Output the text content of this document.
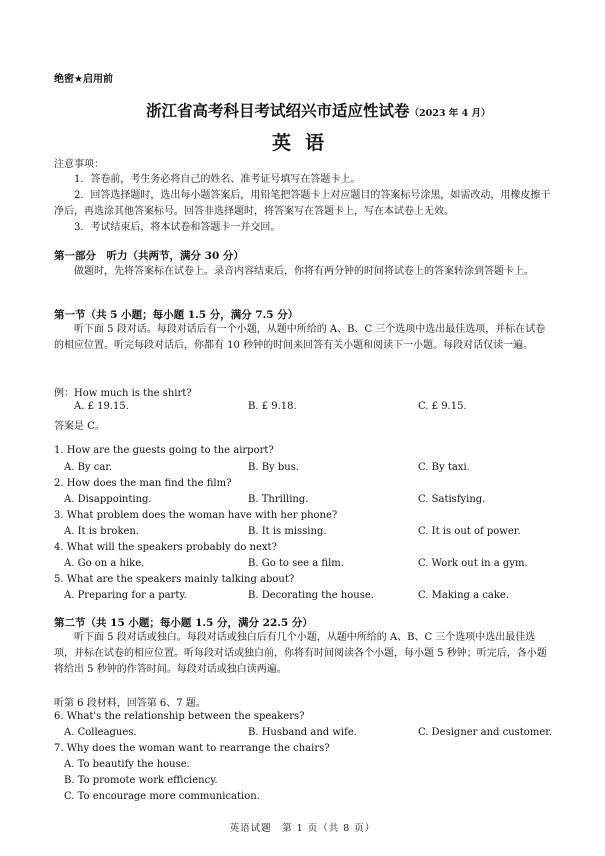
绝密★启用前
浙江省高考科目考试绍兴市适应性试卷（2023 年 4 月）
英语
注意事项：
1．答卷前，考生务必将自己的姓名、准考证号填写在答题卡上。
2．回答选择题时，选出每小题答案后，用铅笔把答题卡上对应题目的答案标号涂黑，如需改动，用橡皮擦干净后，再选涂其他答案标号。回答非选择题时，将答案写在答题卡上，写在本试卷上无效。
3．考试结束后，将本试卷和答题卡一并交回。
第一部分　听力（共两节，满分 30 分）
做题时，先将答案标在试卷上。录音内容结束后，你将有两分钟的时间将试卷上的答案转涂到答题卡上。
第一节（共 5 小题；每小题 1.5 分，满分 7.5 分）
听下面 5 段对话。每段对话后有一个小题，从题中所给的 A、B、C 三个选项中选出最佳选项，并标在试卷的相应位置。听完每段对话后，你都有 10 秒钟的时间来回答有关小题和阅读下一小题。每段对话仅读一遍。
例：How much is the shirt?
A. £ 19.15.	B. £ 9.18.	C. £ 9.15.
答案是 C。
1. How are the guests going to the airport?
A. By car.	B. By bus.	C. By taxi.
2. How does the man find the film?
A. Disappointing.	B. Thrilling.	C. Satisfying.
3. What problem does the woman have with her phone?
A. It is broken.	B. It is missing.	C. It is out of power.
4. What will the speakers probably do next?
A. Go on a hike.	B. Go to see a film.	C. Work out in a gym.
5. What are the speakers mainly talking about?
A. Preparing for a party.	B. Decorating the house.	C. Making a cake.
第二节（共 15 小题；每小题 1.5 分，满分 22.5 分）
听下面 5 段对话或独白。每段对话或独白后有几个小题，从题中所给的 A、B、C 三个选项中选出最佳选项，并标在试卷的相应位置。听每段对话或独白前，你将有时间阅读各个小题，每小题 5 秒钟；听完后，各小题将给出 5 秒钟的作答时间。每段对话或独白读两遍。
听第 6 段材料，回答第 6、7 题。
6. What's the relationship between the speakers?
A. Colleagues.	B. Husband and wife.	C. Designer and customer.
7. Why does the woman want to rearrange the chairs?
A. To beautify the house.
B. To promote work efficiency.
C. To encourage more communication.
英语试题　第 1 页（共 8 页）
